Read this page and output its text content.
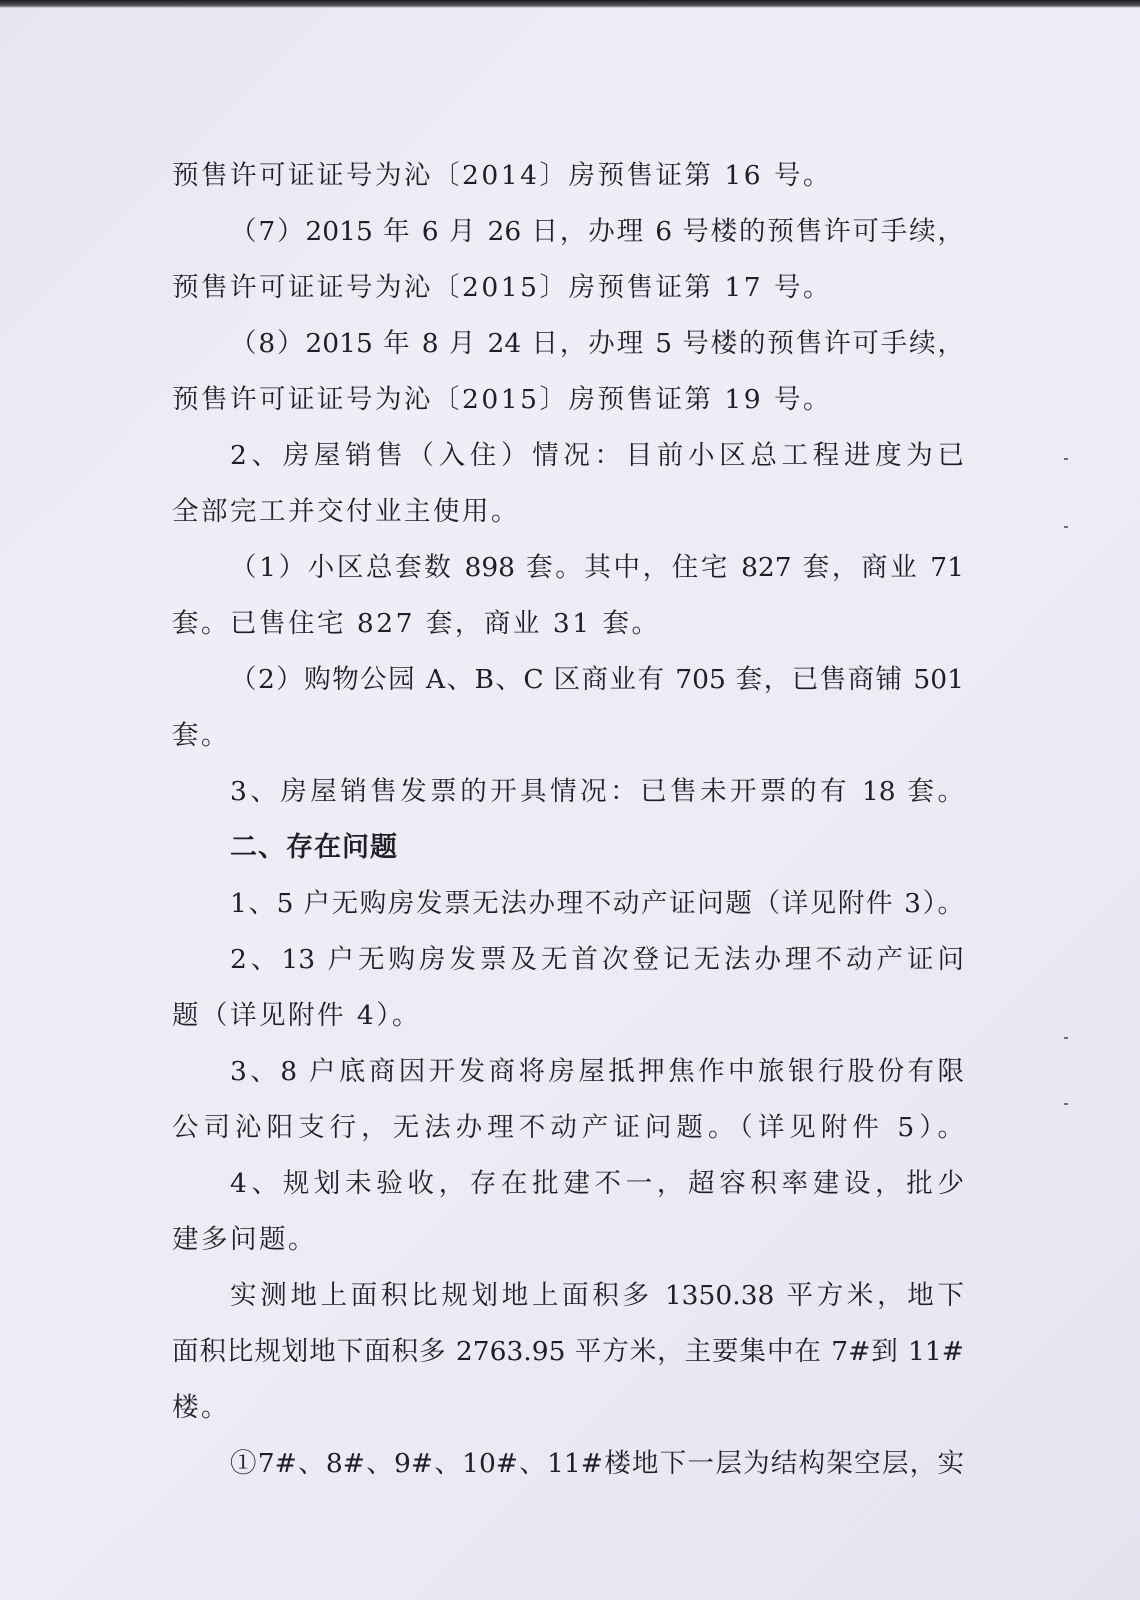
预售许可证证号为沁〔2014〕房预售证第 16 号。
（7）2015 年 6 月 26 日，办理 6 号楼的预售许可手续，
预售许可证证号为沁〔2015〕房预售证第 17 号。
（8）2015 年 8 月 24 日，办理 5 号楼的预售许可手续，
预售许可证证号为沁〔2015〕房预售证第 19 号。
2、房屋销售（入住）情况：目前小区总工程进度为已
全部完工并交付业主使用。
（1）小区总套数 898 套。其中，住宅 827 套，商业 71
套。已售住宅 827 套，商业 31 套。
（2）购物公园 A、B、C 区商业有 705 套，已售商铺 501
套。
3、房屋销售发票的开具情况：已售未开票的有 18 套。
二、存在问题
1、5 户无购房发票无法办理不动产证问题（详见附件 3）。
2、13 户无购房发票及无首次登记无法办理不动产证问
题（详见附件 4）。
3、8 户底商因开发商将房屋抵押焦作中旅银行股份有限
公司沁阳支行，无法办理不动产证问题。（详见附件 5）。
4、规划未验收，存在批建不一，超容积率建设，批少
建多问题。
实测地上面积比规划地上面积多 1350.38 平方米，地下
面积比规划地下面积多 2763.95 平方米，主要集中在 7#到 11#
楼。
①7#、8#、9#、10#、11#楼地下一层为结构架空层，实
